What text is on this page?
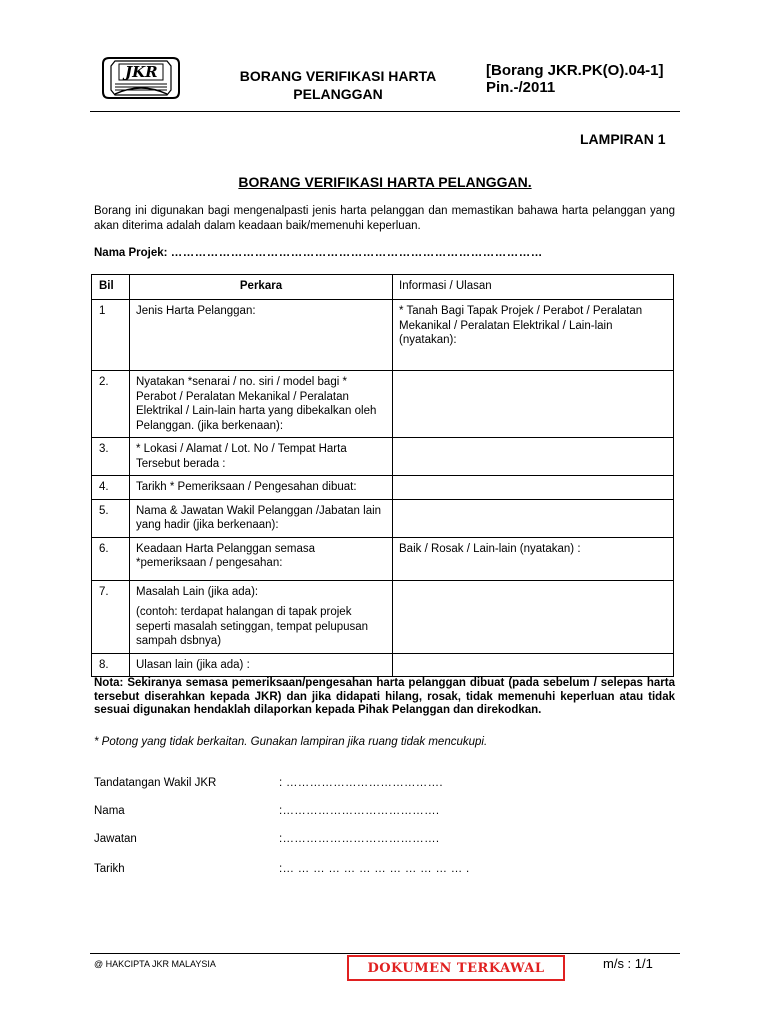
JKR	BORANG VERIFIKASI HARTA
PELANGGAN
[Borang JKR.PK(O).04-1]
Pin.-/2011
LAMPIRAN 1
BORANG VERIFIKASI HARTA PELANGGAN.
Borang ini digunakan bagi mengenalpasti jenis harta pelanggan dan memastikan bahawa harta pelanggan yang akan diterima adalah dalam keadaan baik/memenuhi keperluan.
Nama Projek: …………………………………………………………………………………
Bil	Perkara	Informasi / Ulasan
1	Jenis Harta Pelanggan:	* Tanah Bagi Tapak Projek / Perabot / Peralatan Mekanikal / Peralatan Elektrikal / Lain-lain (nyatakan):
2.	Nyatakan *senarai / no. siri / model bagi * Perabot / Peralatan Mekanikal / Peralatan Elektrikal / Lain-lain harta yang dibekalkan oleh Pelanggan. (jika berkenaan):	
3.	* Lokasi / Alamat / Lot. No / Tempat Harta Tersebut berada :	
4.	Tarikh * Pemeriksaan / Pengesahan dibuat:	
5.	Nama & Jawatan Wakil Pelanggan /Jabatan lain yang hadir (jika berkenaan):	
6.	Keadaan Harta Pelanggan semasa *pemeriksaan / pengesahan:	Baik / Rosak / Lain-lain (nyatakan) :
7.	Masalah Lain (jika ada):
(contoh: terdapat halangan di tapak projek seperti masalah setinggan, tempat pelupusan sampah dsbnya)	

8.	Ulasan lain (jika ada) :	
Nota: Sekiranya semasa pemeriksaan/pengesahan harta pelanggan dibuat (pada sebelum / selepas harta tersebut diserahkan kepada JKR) dan jika didapati hilang, rosak, tidak memenuhi keperluan atau tidak sesuai digunakan hendaklah dilaporkan kepada Pihak Pelanggan dan direkodkan.
* Potong yang tidak berkaitan. Gunakan lampiran jika ruang tidak mencukupi.
Tandatangan Wakil JKR	: ………………………………….
Nama	:………………………………….
Jawatan	:………………………………….
Tarikh	:… … … … … … … … … … … … .
@ HAKCIPTA JKR MALAYSIA	DOKUMEN TERKAWAL	m/s : 1/1
